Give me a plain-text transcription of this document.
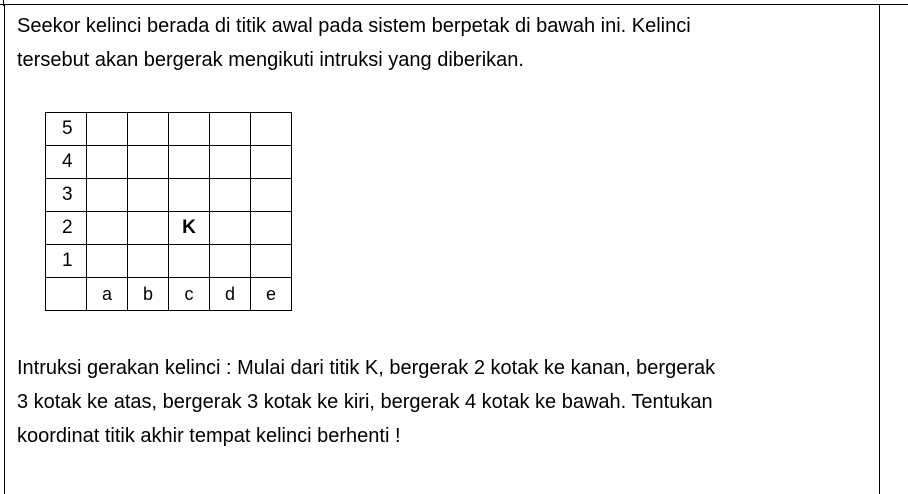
Seekor kelinci berada di titik awal pada sistem berpetak di bawah ini. Kelinci
tersebut akan bergerak mengikuti intruksi yang diberikan.

5					
4					
3					
2			K		
1					
	a	b	c	d	e

Intruksi gerakan kelinci : Mulai dari titik K, bergerak 2 kotak ke kanan, bergerak
3 kotak ke atas, bergerak 3 kotak ke kiri, bergerak 4 kotak ke bawah. Tentukan
koordinat titik akhir tempat kelinci berhenti !
